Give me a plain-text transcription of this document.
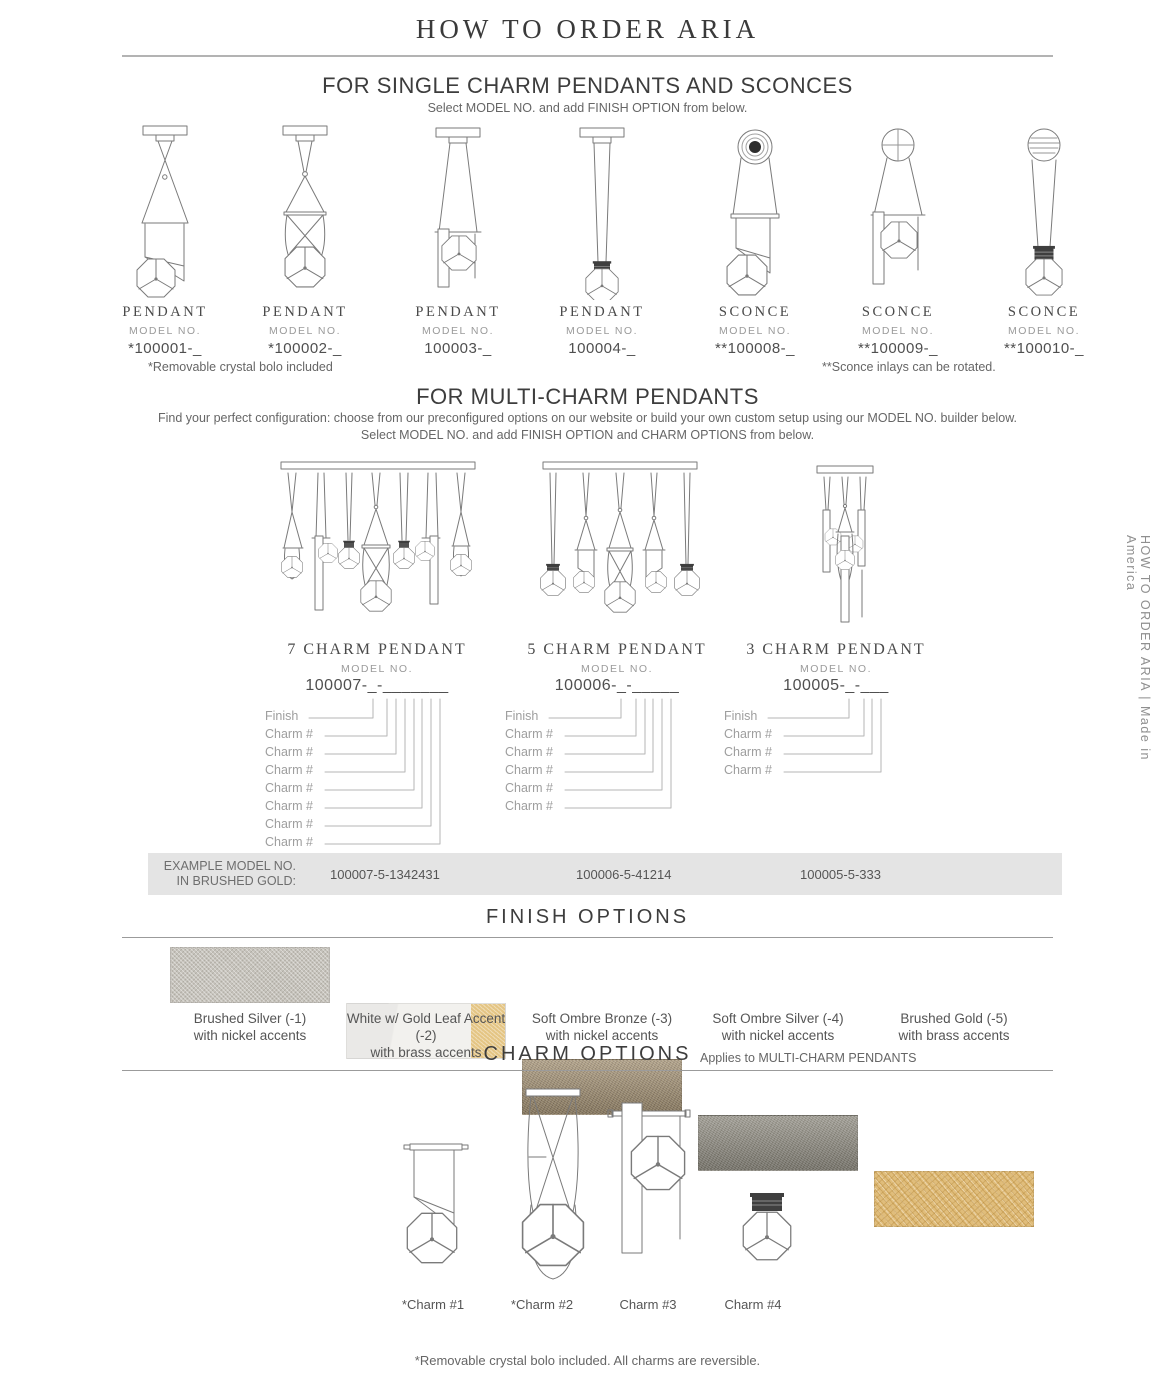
HOW TO ORDER ARIA
FOR SINGLE CHARM PENDANTS AND SCONCES

Select MODEL NO. and add FINISH OPTION from below.

PENDANT
MODEL NO.
*100001-_
PENDANT
MODEL NO.
*100002-_
PENDANT
MODEL NO.
100003-_
PENDANT
MODEL NO.
100004-_
SCONCE
MODEL NO.
**100008-_
SCONCE
MODEL NO.
**100009-_
SCONCE
MODEL NO.
**100010-_

*Removable crystal bolo included	**Sconce inlays can be rotated.

FOR MULTI-CHARM PENDANTS

Find your perfect configuration: choose from our preconfigured options on our website or build your own custom setup using our MODEL NO. builder below.

Select MODEL NO. and add FINISH OPTION and CHARM OPTIONS from below.

7 CHARM PENDANT
MODEL NO.
100007-_-_______
Finish
Charm #
Charm #
Charm #
Charm #
Charm #
Charm #
Charm #
5 CHARM PENDANT
MODEL NO.
100006-_-_____
Finish
Charm #
Charm #
Charm #
Charm #
Charm #
3 CHARM PENDANT
MODEL NO.
100005-_-___
Finish
Charm #
Charm #
Charm #
EXAMPLE MODEL NO.
IN BRUSHED GOLD:	100007-5-1342431	100006-5-41214	100005-5-333
FINISH OPTIONS
Brushed Silver (-1)
with nickel accents
White w/ Gold Leaf Accent (-2)
with brass accents
Soft Ombre Bronze (-3)
with nickel accents
Soft Ombre Silver (-4)
with nickel accents
Brushed Gold (-5)
with brass accents
CHARM OPTIONS Applies to MULTI-CHARM PENDANTS

*Charm #1	*Charm #2	Charm #3	Charm #4

*Removable crystal bolo included. All charms are reversible.

HOW TO ORDER ARIA | Made in America
